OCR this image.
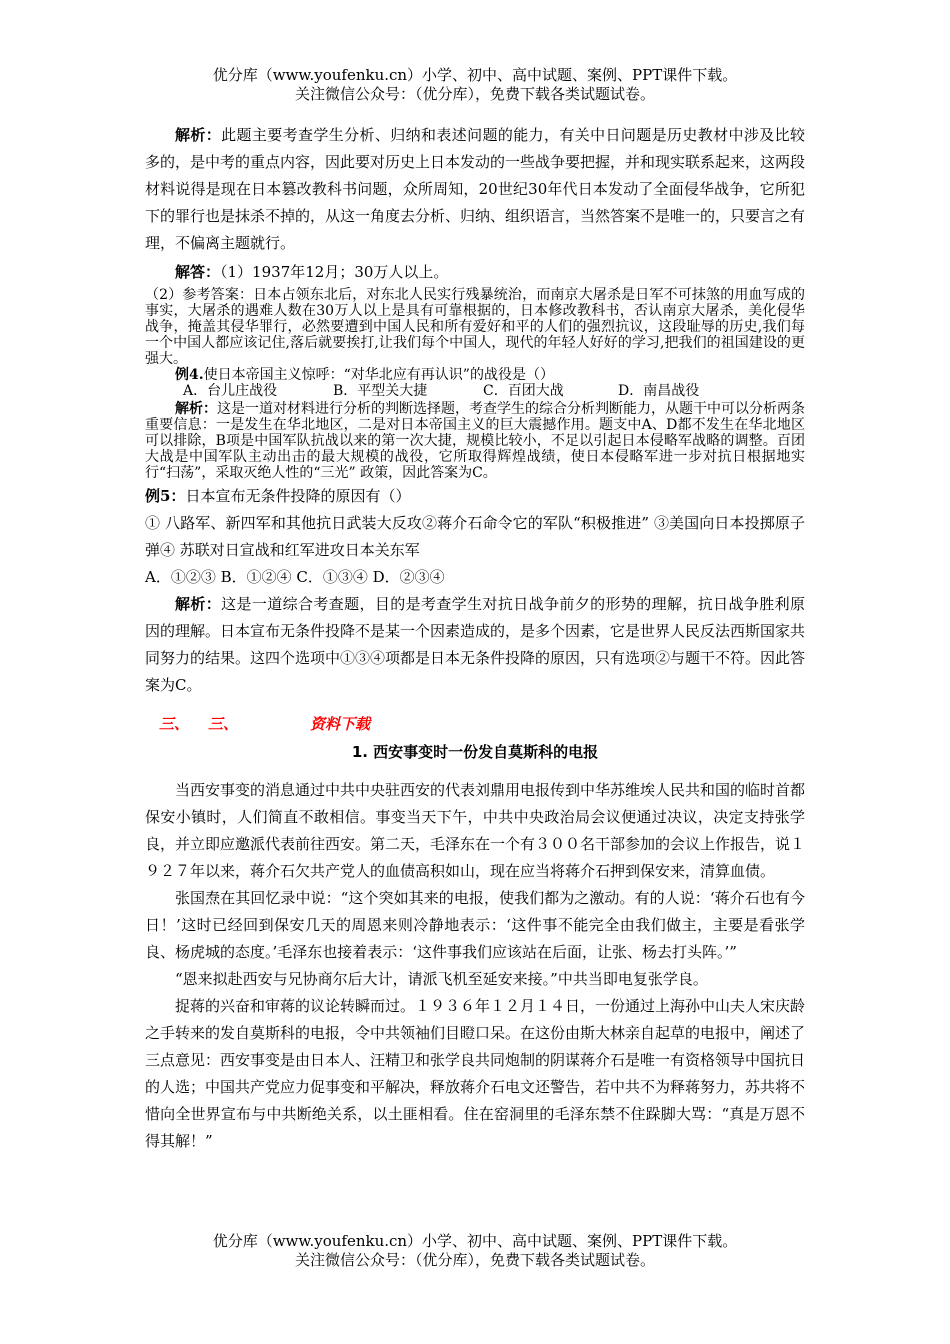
优分库（www.youfenku.cn）小学、初中、高中试题、案例、PPT课件下载。
关注微信公众号：（优分库），免费下载各类试题试卷。

解析：此题主要考查学生分析、归纳和表述问题的能力，有关中日问题是历史教材中涉及比较多的，是中考的重点内容，因此要对历史上日本发动的一些战争要把握，并和现实联系起来，这两段材料说得是现在日本篡改教科书问题，众所周知，20世纪30年代日本发动了全面侵华战争，它所犯下的罪行也是抹杀不掉的，从这一角度去分析、归纳、组织语言，当然答案不是唯一的，只要言之有理，不偏离主题就行。

解答：（1）1937年12月；30万人以上。

（2）参考答案：日本占领东北后，对东北人民实行残暴统治，而南京大屠杀是日军不可抹煞的用血写成的事实，大屠杀的遇难人数在30万人以上是具有可靠根据的，日本修改教科书，否认南京大屠杀，美化侵华战争，掩盖其侵华罪行，必然要遭到中国人民和所有爱好和平的人们的强烈抗议，这段耻辱的历史,我们每一个中国人都应该记住,落后就要挨打,让我们每个中国人，现代的年轻人好好的学习,把我们的祖国建设的更强大。

例4.使日本帝国主义惊呼：“对华北应有再认识”的战役是（）

A．台儿庄战役	B．平型关大捷	C．百团大战	D．南昌战役

解析：这是一道对材料进行分析的判断选择题，考查学生的综合分析判断能力，从题干中可以分析两条重要信息：一是发生在华北地区，二是对日本帝国主义的巨大震撼作用。题支中A、D都不发生在华北地区可以排除，B项是中国军队抗战以来的第一次大捷，规模比较小，不足以引起日本侵略军战略的调整。百团大战是中国军队主动出击的最大规模的战役，它所取得辉煌战绩，使日本侵略军进一步对抗日根据地实行“扫荡”，采取灭绝人性的“三光” 政策，因此答案为C。

例5：日本宣布无条件投降的原因有（）

① 八路军、新四军和其他抗日武装大反攻②蒋介石命令它的军队“积极推进” ③美国向日本投掷原子弹④ 苏联对日宣战和红军进攻日本关东军

A．①②③ B．①②④ C．①③④ D．②③④

解析：这是一道综合考查题，目的是考查学生对抗日战争前夕的形势的理解，抗日战争胜利原因的理解。日本宣布无条件投降不是某一个因素造成的，是多个因素，它是世界人民反法西斯国家共同努力的结果。这四个选项中①③④项都是日本无条件投降的原因，只有选项②与题干不符。因此答案为C。

三、 三、	资料下载
1. 西安事变时一份发自莫斯科的电报

当西安事变的消息通过中共中央驻西安的代表刘鼎用电报传到中华苏维埃人民共和国的临时首都保安小镇时，人们简直不敢相信。事变当天下午，中共中央政治局会议便通过决议，决定支持张学良，并立即应邀派代表前往西安。第二天，毛泽东在一个有３００名干部参加的会议上作报告，说１９２７年以来，蒋介石欠共产党人的血债高积如山，现在应当将蒋介石押到保安来，清算血债。

张国焘在其回忆录中说：“这个突如其来的电报，使我们都为之激动。有的人说：‘蒋介石也有今日！’这时已经回到保安几天的周恩来则冷静地表示：‘这件事不能完全由我们做主，主要是看张学良、杨虎城的态度。’毛泽东也接着表示：‘这件事我们应该站在后面，让张、杨去打头阵。’”

“恩来拟赴西安与兄协商尔后大计，请派飞机至延安来接。”中共当即电复张学良。

捉蒋的兴奋和审蒋的议论转瞬而过。１９３６年１２月１４日，一份通过上海孙中山夫人宋庆龄之手转来的发自莫斯科的电报，令中共领袖们目瞪口呆。在这份由斯大林亲自起草的电报中，阐述了三点意见：西安事变是由日本人、汪精卫和张学良共同炮制的阴谋蒋介石是唯一有资格领导中国抗日的人选；中国共产党应力促事变和平解决，释放蒋介石电文还警告，若中共不为释蒋努力，苏共将不惜向全世界宣布与中共断绝关系，以土匪相看。住在窑洞里的毛泽东禁不住跺脚大骂：“真是万恩不得其解！”

优分库（www.youfenku.cn）小学、初中、高中试题、案例、PPT课件下载。
关注微信公众号：（优分库），免费下载各类试题试卷。
